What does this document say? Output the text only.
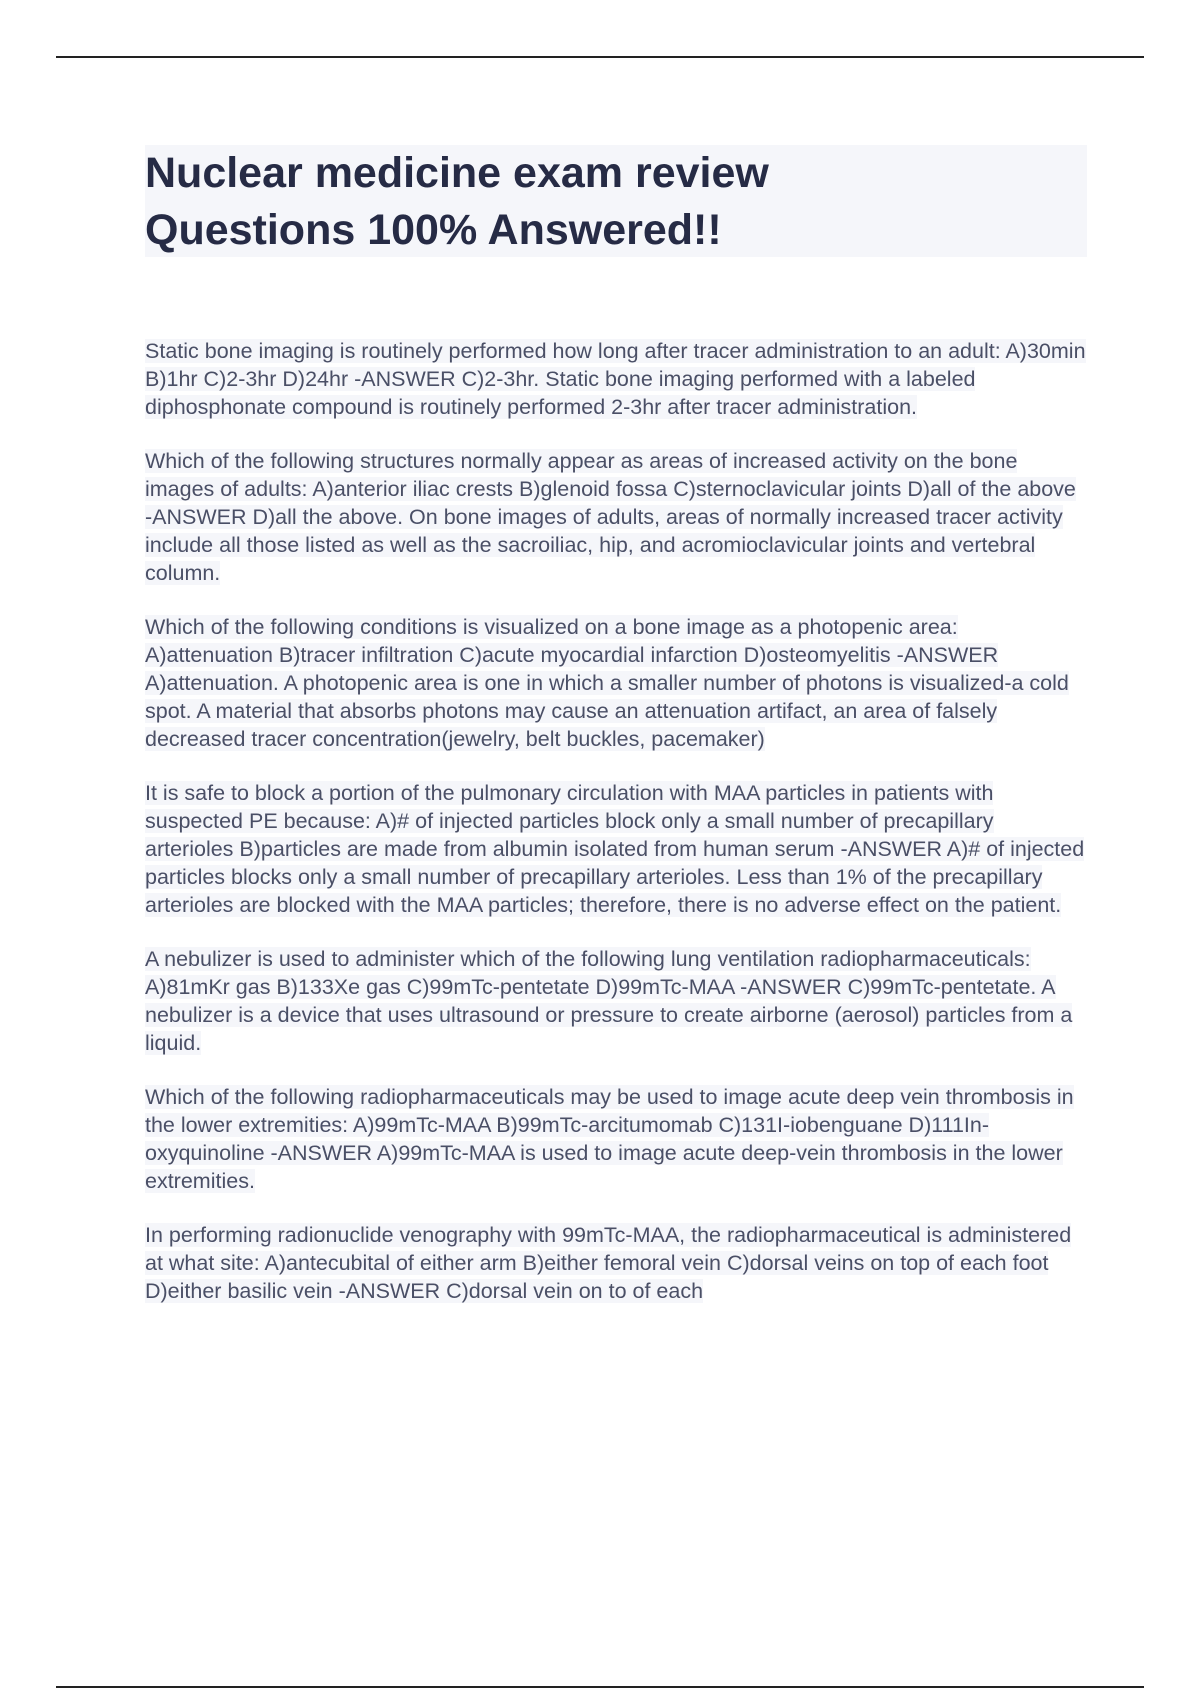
Nuclear medicine exam review
Questions 100% Answered!!

Static bone imaging is routinely performed how long after tracer administration to an adult: A)30min B)1hr C)2-3hr D)24hr -ANSWER C)2-3hr. Static bone imaging performed with a labeled diphosphonate compound is routinely performed 2-3hr after tracer administration.

Which of the following structures normally appear as areas of increased activity on the bone images of adults: A)anterior iliac crests B)glenoid fossa C)sternoclavicular joints D)all of the above -ANSWER D)all the above. On bone images of adults, areas of normally increased tracer activity include all those listed as well as the sacroiliac, hip, and acromioclavicular joints and vertebral column.

Which of the following conditions is visualized on a bone image as a photopenic area: A)attenuation B)tracer infiltration C)acute myocardial infarction D)osteomyelitis -ANSWER A)attenuation. A photopenic area is one in which a smaller number of photons is visualized-a cold spot. A material that absorbs photons may cause an attenuation artifact, an area of falsely decreased tracer concentration(jewelry, belt buckles, pacemaker)

It is safe to block a portion of the pulmonary circulation with MAA particles in patients with suspected PE because: A)# of injected particles block only a small number of precapillary arterioles B)particles are made from albumin isolated from human serum -ANSWER A)# of injected particles blocks only a small number of precapillary arterioles. Less than 1% of the precapillary arterioles are blocked with the MAA particles; therefore, there is no adverse effect on the patient.

A nebulizer is used to administer which of the following lung ventilation radiopharmaceuticals: A)81mKr gas B)133Xe gas C)99mTc-pentetate D)99mTc-MAA -ANSWER C)99mTc-pentetate. A nebulizer is a device that uses ultrasound or pressure to create airborne (aerosol) particles from a liquid.

Which of the following radiopharmaceuticals may be used to image acute deep vein thrombosis in the lower extremities: A)99mTc-MAA B)99mTc-arcitumomab C)131I-iobenguane D)111In-oxyquinoline -ANSWER A)99mTc-MAA is used to image acute deep-vein thrombosis in the lower extremities.

In performing radionuclide venography with 99mTc-MAA, the radiopharmaceutical is administered at what site: A)antecubital of either arm B)either femoral vein C)dorsal veins on top of each foot D)either basilic vein -ANSWER C)dorsal vein on to of each
